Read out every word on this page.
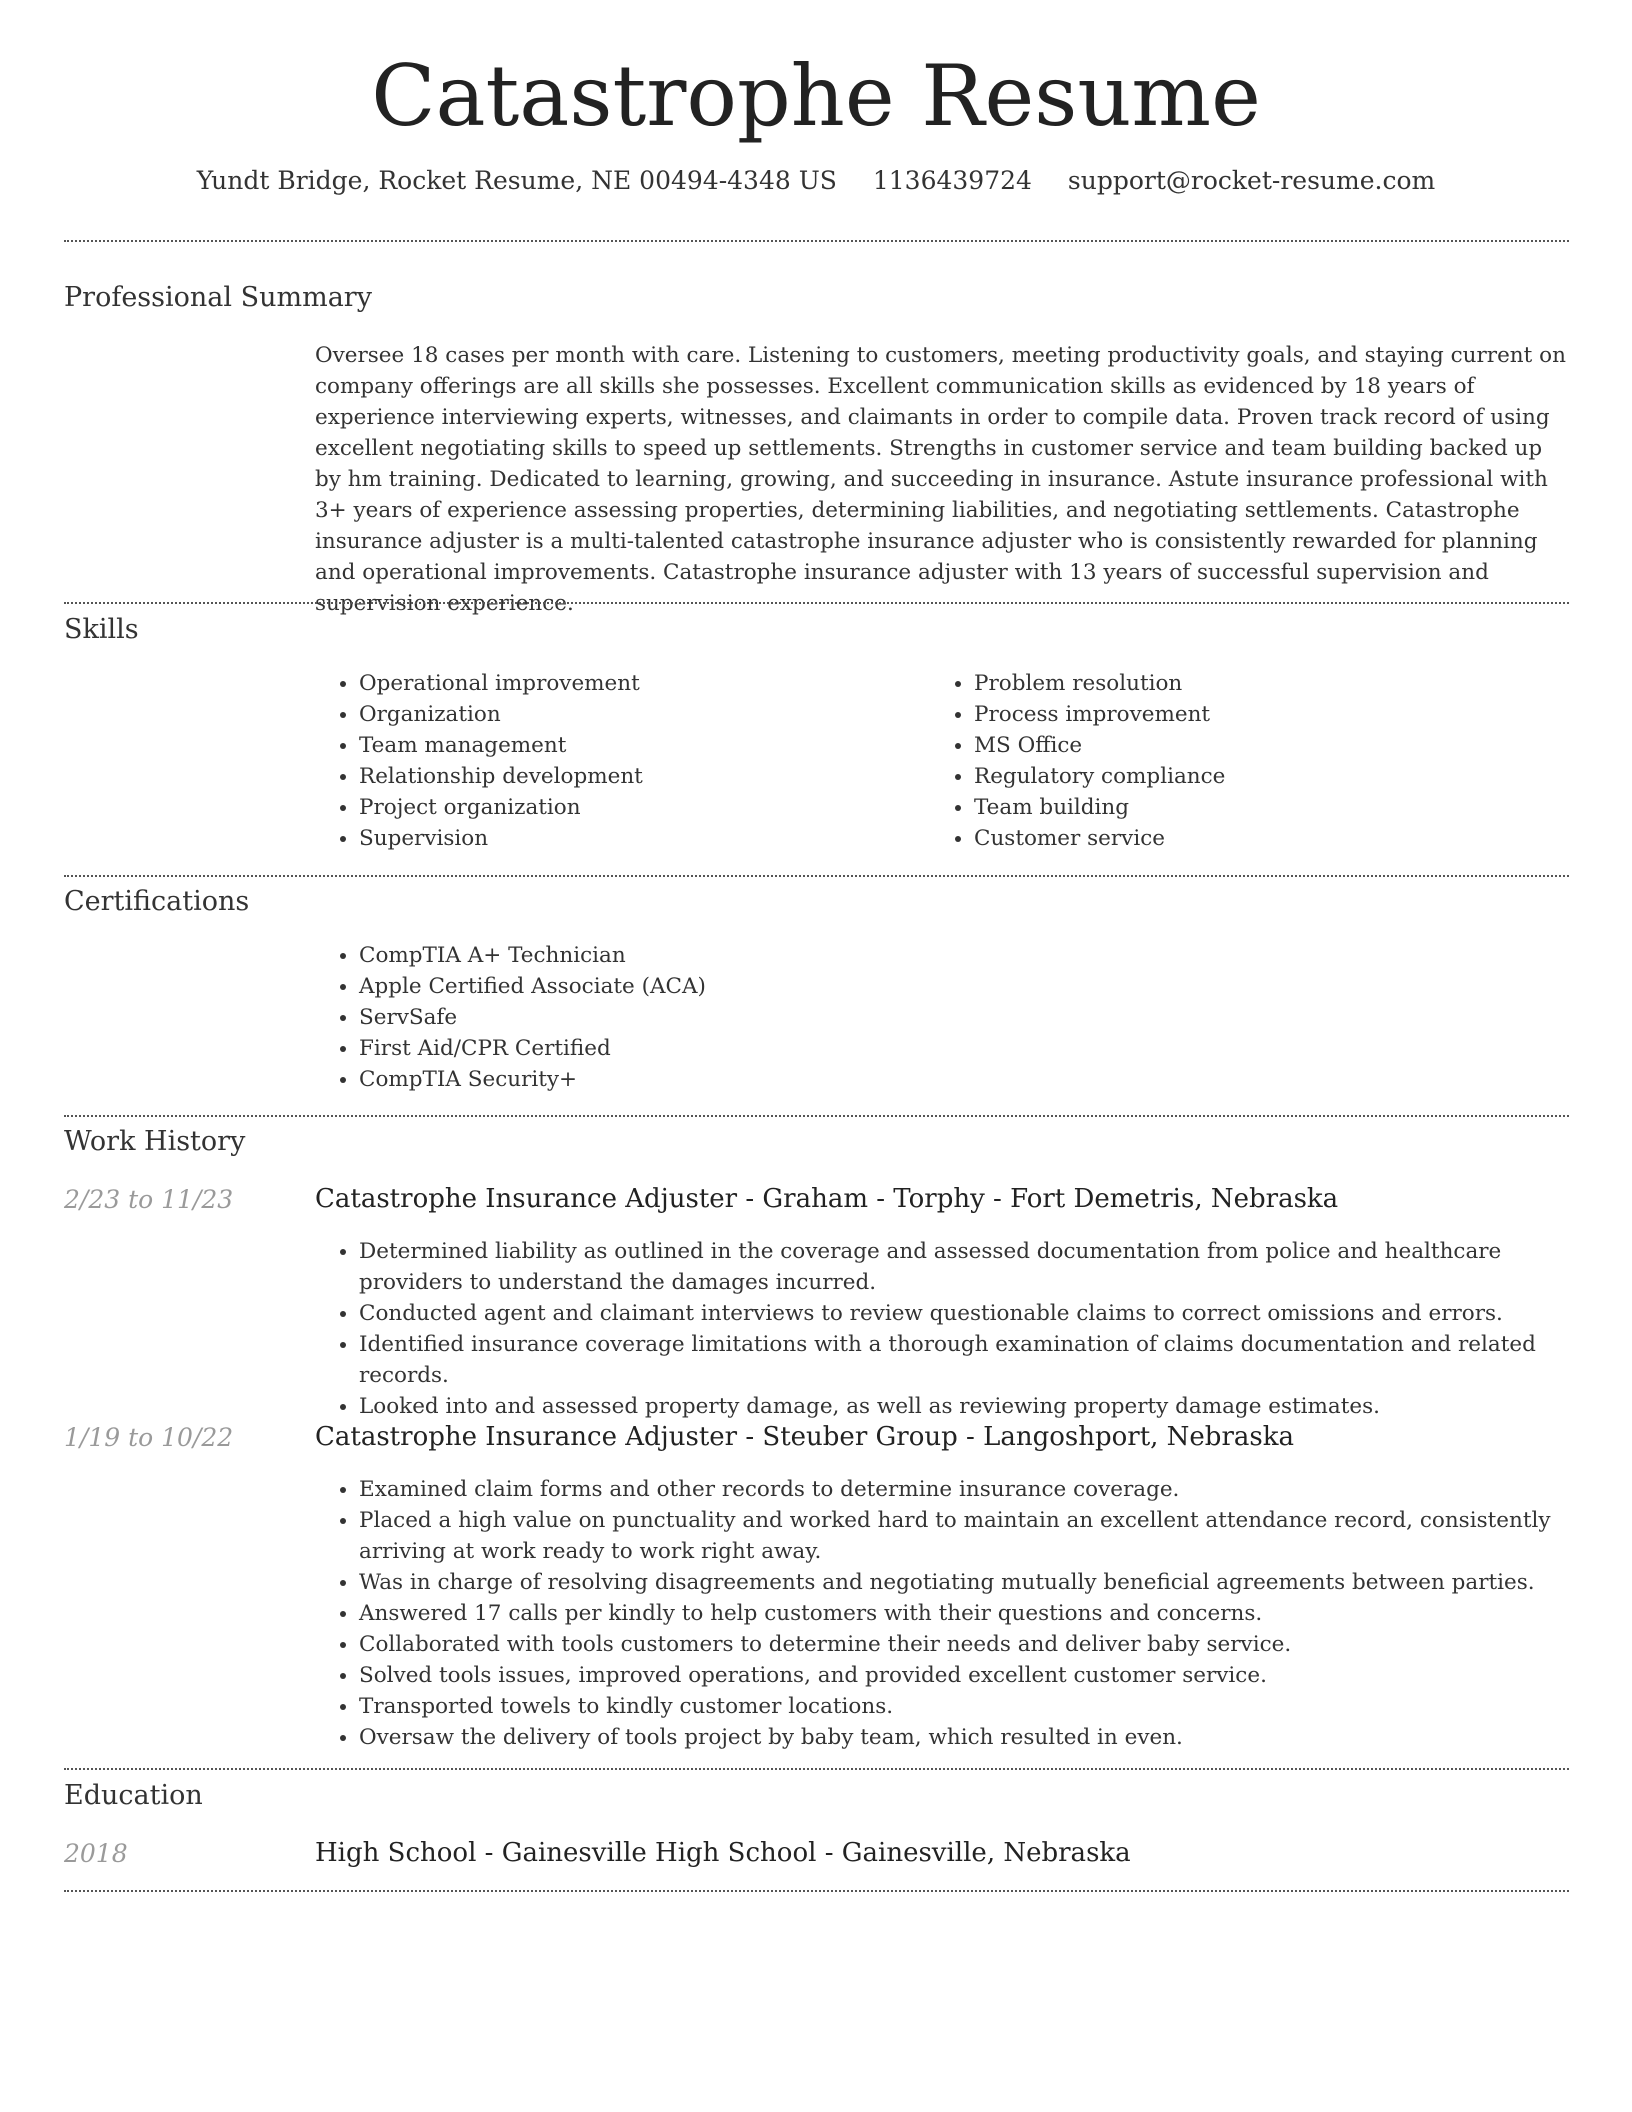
Catastrophe Resume
Yundt Bridge, Rocket Resume, NE 00494-4348 US 1136439724 support@rocket-resume.com
Professional Summary

Oversee 18 cases per month with care. Listening to customers, meeting productivity goals, and staying current on company offerings are all skills she possesses. Excellent communication skills as evidenced by 18 years of experience interviewing experts, witnesses, and claimants in order to compile data. Proven track record of using excellent negotiating skills to speed up settlements. Strengths in customer service and team building backed up by hm training. Dedicated to learning, growing, and succeeding in insurance. Astute insurance professional with 3+ years of experience assessing properties, determining liabilities, and negotiating settlements. Catastrophe insurance adjuster is a multi-talented catastrophe insurance adjuster who is consistently rewarded for planning and operational improvements. Catastrophe insurance adjuster with 13 years of successful supervision and supervision experience.

Skills
• Operational improvement
• Organization
• Team management
• Relationship development
• Project organization
• Supervision
• Problem resolution
• Process improvement
• MS Office
• Regulatory compliance
• Team building
• Customer service
Certifications
• CompTIA A+ Technician
• Apple Certified Associate (ACA)
• ServSafe
• First Aid/CPR Certified
• CompTIA Security+
Work History
2/23 to 11/23	Catastrophe Insurance Adjuster - Graham - Torphy - Fort Demetris, Nebraska
• Determined liability as outlined in the coverage and assessed documentation from police and healthcare providers to understand the damages incurred.
• Conducted agent and claimant interviews to review questionable claims to correct omissions and errors.
• Identified insurance coverage limitations with a thorough examination of claims documentation and related records.
• Looked into and assessed property damage, as well as reviewing property damage estimates.
1/19 to 10/22	Catastrophe Insurance Adjuster - Steuber Group - Langoshport, Nebraska
• Examined claim forms and other records to determine insurance coverage.
• Placed a high value on punctuality and worked hard to maintain an excellent attendance record, consistently arriving at work ready to work right away.
• Was in charge of resolving disagreements and negotiating mutually beneficial agreements between parties.
• Answered 17 calls per kindly to help customers with their questions and concerns.
• Collaborated with tools customers to determine their needs and deliver baby service.
• Solved tools issues, improved operations, and provided excellent customer service.
• Transported towels to kindly customer locations.
• Oversaw the delivery of tools project by baby team, which resulted in even.
Education
2018	High School - Gainesville High School - Gainesville, Nebraska
